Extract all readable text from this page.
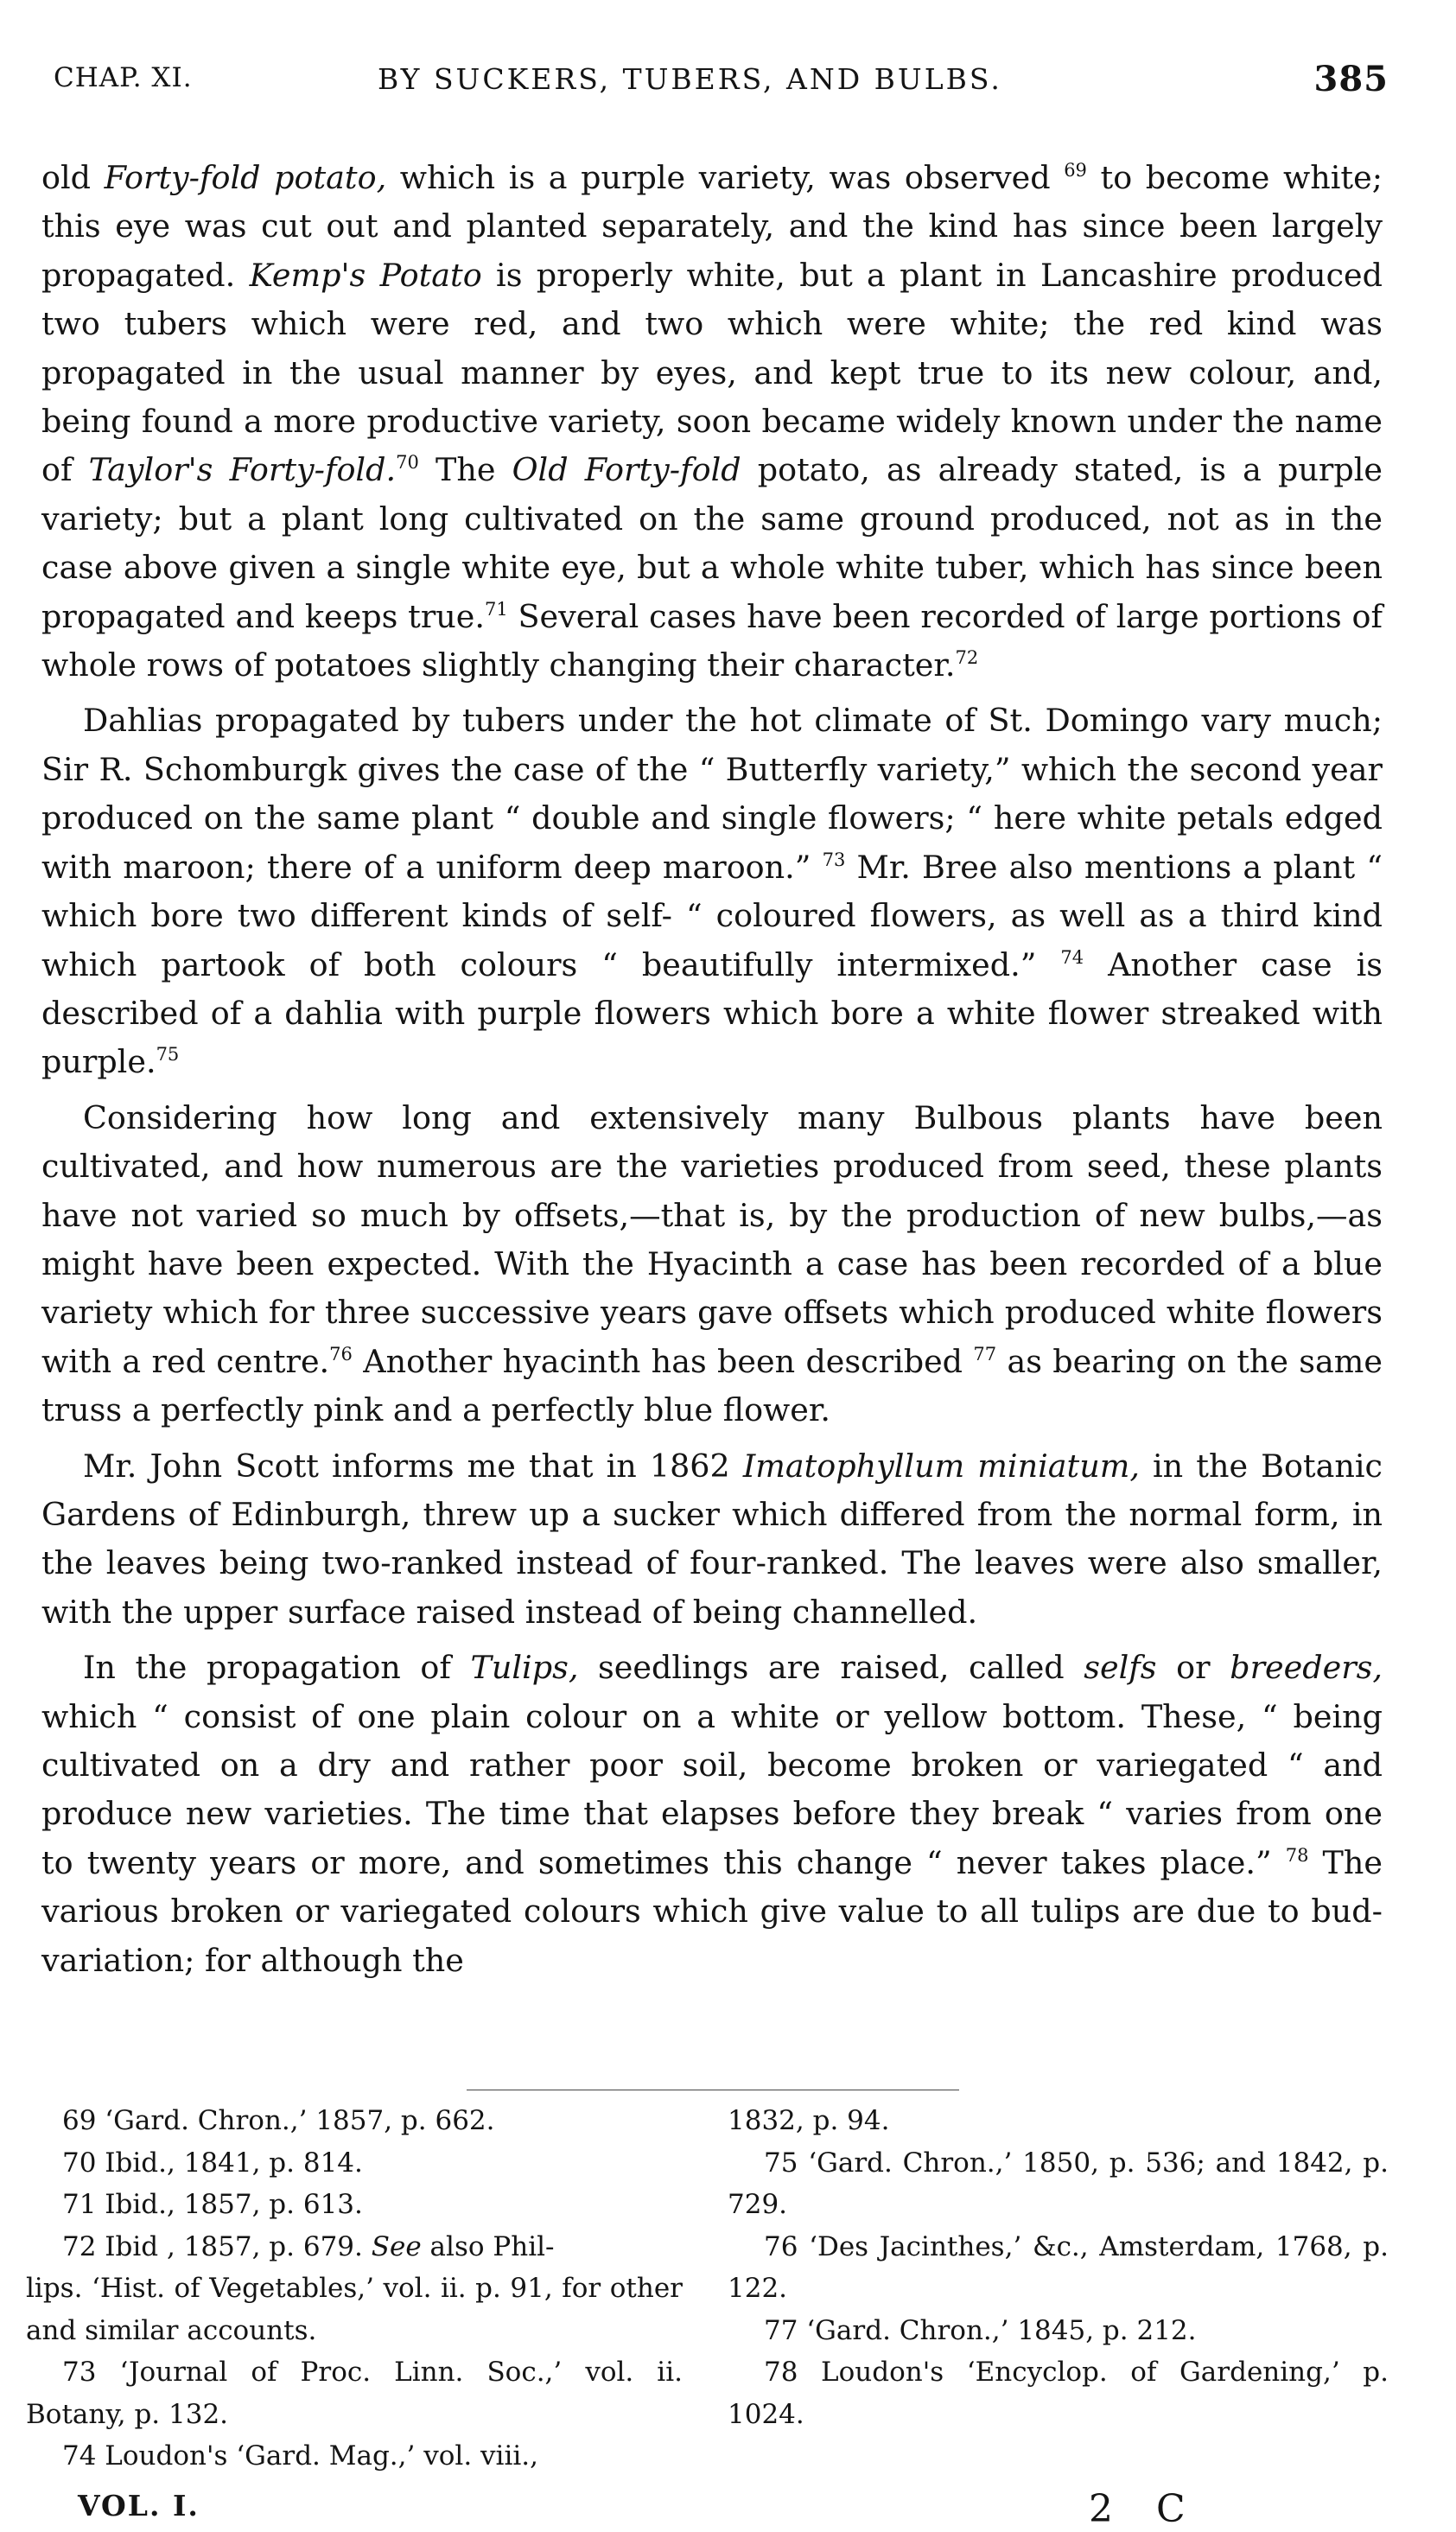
CHAP. XI.	BY SUCKERS, TUBERS, AND BULBS.	385

old Forty-fold potato, which is a purple variety, was observed $^{69}$ to become white; this eye was cut out and planted separately, and the kind has since been largely propagated. Kemp's Potato is properly white, but a plant in Lancashire produced two tubers which were red, and two which were white; the red kind was propagated in the usual manner by eyes, and kept true to its new colour, and, being found a more productive variety, soon became widely known under the name of Taylor's Forty-fold.$^{70}$ The Old Forty-fold potato, as already stated, is a purple variety; but a plant long cultivated on the same ground produced, not as in the case above given a single white eye, but a whole white tuber, which has since been propagated and keeps true.$^{71}$ Several cases have been recorded of large portions of whole rows of potatoes slightly changing their character.$^{72}$

Dahlias propagated by tubers under the hot climate of St. Domingo vary much; Sir R. Schomburgk gives the case of the “ Butterfly variety,” which the second year produced on the same plant “ double and single flowers; “ here white petals edged with maroon; there of a uniform deep maroon.” $^{73}$ Mr. Bree also mentions a plant “ which bore two different kinds of self- “ coloured flowers, as well as a third kind which partook of both colours “ beautifully intermixed.” $^{74}$ Another case is described of a dahlia with purple flowers which bore a white flower streaked with purple.$^{75}$

Considering how long and extensively many Bulbous plants have been cultivated, and how numerous are the varieties produced from seed, these plants have not varied so much by offsets,—that is, by the production of new bulbs,—as might have been expected. With the Hyacinth a case has been recorded of a blue variety which for three successive years gave offsets which produced white flowers with a red centre.$^{76}$ Another hyacinth has been described $^{77}$ as bearing on the same truss a perfectly pink and a perfectly blue flower.

Mr. John Scott informs me that in 1862 Imatophyllum miniatum, in the Botanic Gardens of Edinburgh, threw up a sucker which differed from the normal form, in the leaves being two-ranked instead of four-ranked. The leaves were also smaller, with the upper surface raised instead of being channelled.

In the propagation of Tulips, seedlings are raised, called selfs or breeders, which “ consist of one plain colour on a white or yellow bottom. These, “ being cultivated on a dry and rather poor soil, become broken or variegated “ and produce new varieties. The time that elapses before they break “ varies from one to twenty years or more, and sometimes this change “ never takes place.” $^{78}$ The various broken or variegated colours which give value to all tulips are due to bud-variation; for although the

69 ‘Gard. Chron.,’ 1857, p. 662.

70 Ibid., 1841, p. 814.

71 Ibid., 1857, p. 613.

72 Ibid , 1857, p. 679. See also Phil-

lips. ‘Hist. of Vegetables,’ vol. ii. p. 91, for other and similar accounts.

73 ‘Journal of Proc. Linn. Soc.,’ vol. ii. Botany, p. 132.

74 Loudon's ‘Gard. Mag.,’ vol. viii.,

1832, p. 94.

75 ‘Gard. Chron.,’ 1850, p. 536; and 1842, p. 729.

76 ‘Des Jacinthes,’ &c., Amsterdam, 1768, p. 122.

77 ‘Gard. Chron.,’ 1845, p. 212.

78 Loudon's ‘Encyclop. of Gardening,’ p. 1024.

VOL. I.	2 C
